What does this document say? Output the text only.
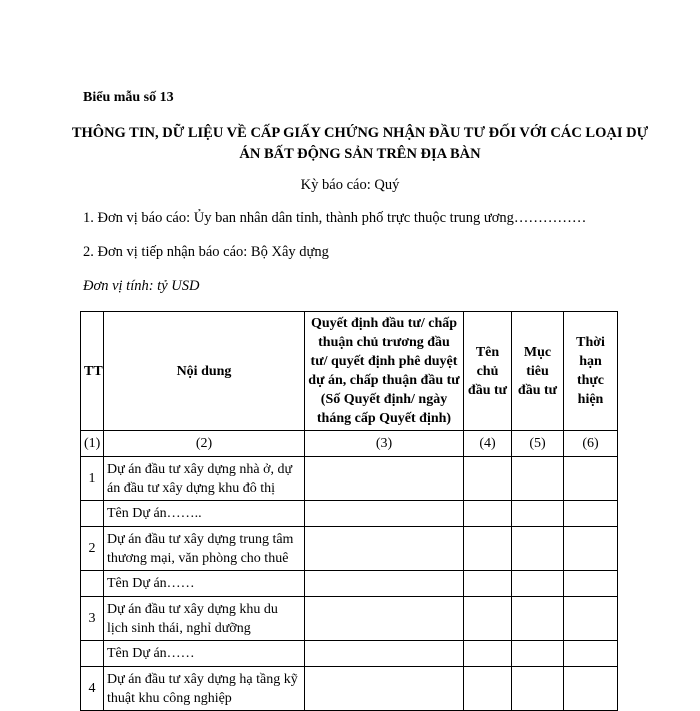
Biểu mẫu số 13
THÔNG TIN, DỮ LIỆU VỀ CẤP GIẤY CHỨNG NHẬN ĐẦU TƯ ĐỐI VỚI CÁC LOẠI DỰ ÁN BẤT ĐỘNG SẢN TRÊN ĐỊA BÀN
Kỳ báo cáo: Quý
1. Đơn vị báo cáo: Ủy ban nhân dân tỉnh, thành phố trực thuộc trung ương……………
2. Đơn vị tiếp nhận báo cáo: Bộ Xây dựng
Đơn vị tính: tỷ USD
TT	Nội dung	Quyết định đầu tư/ chấp thuận chủ trương đầu tư/ quyết định phê duyệt dự án, chấp thuận đầu tư (Số Quyết định/ ngày tháng cấp Quyết định)	Tên chủ đầu tư	Mục tiêu đầu tư	Thời hạn thực hiện
(1)	(2)	(3)	(4)	(5)	(6)
1	Dự án đầu tư xây dựng nhà ở, dự án đầu tư xây dựng khu đô thị				
	Tên Dự án……..				
2	Dự án đầu tư xây dựng trung tâm thương mại, văn phòng cho thuê				
	Tên Dự án……				
3	Dự án đầu tư xây dựng khu du lịch sinh thái, nghỉ dưỡng				
	Tên Dự án……				
4	Dự án đầu tư xây dựng hạ tầng kỹ thuật khu công nghiệp				
